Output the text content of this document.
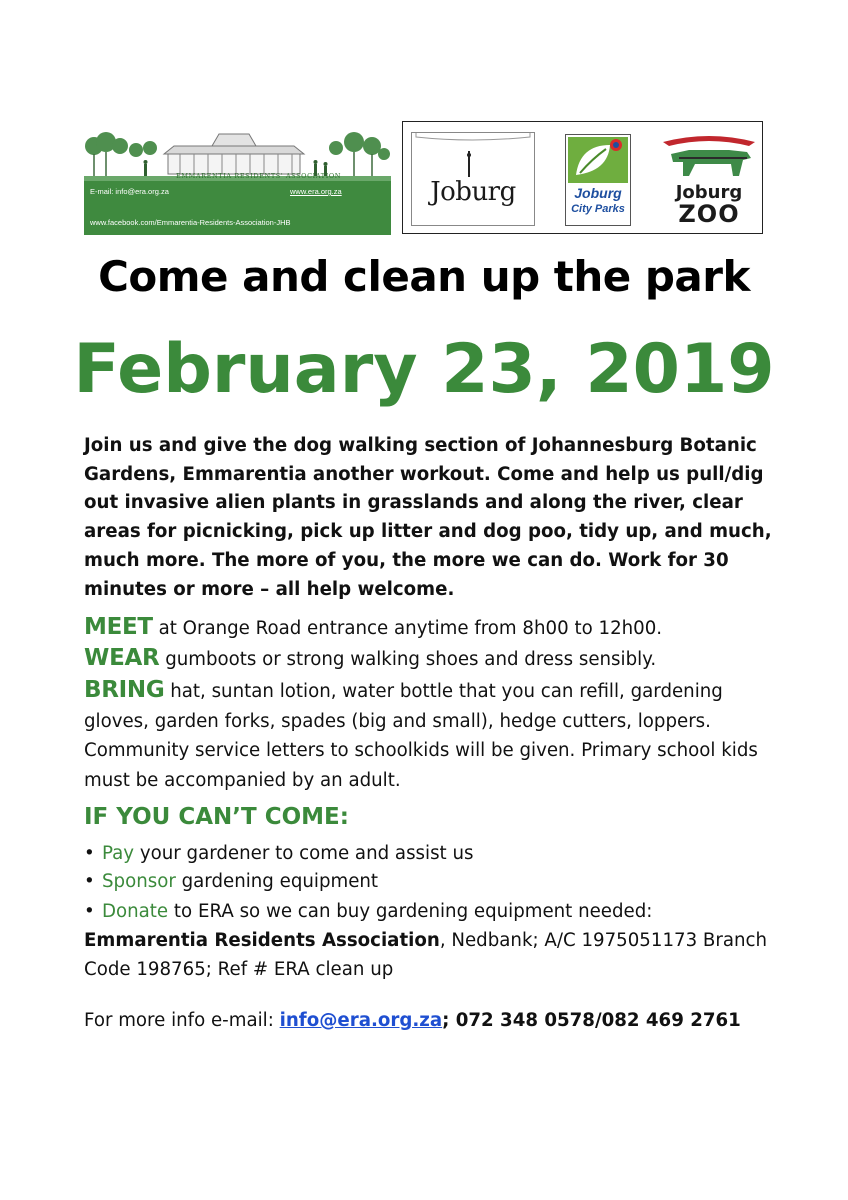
EMMARENTIA RESIDENTS' ASSOCIATION
E-mail: info@era.org.za	www.era.org.za
www.facebook.com/Emmarentia-Residents-Association-JHB
Joburg	Joburg
City Parks
Joburg
ZOO
Come and clean up the park
February 23, 2019
Join us and give the dog walking section of Johannesburg Botanic Gardens, Emmarentia another workout. Come and help us pull/dig out invasive alien plants in grasslands and along the river, clear areas for picnicking, pick up litter and dog poo, tidy up, and much, much more. The more of you, the more we can do. Work for 30 minutes or more – all help welcome.
MEET at Orange Road entrance anytime from 8h00 to 12h00.
WEAR gumboots or strong walking shoes and dress sensibly.
BRING hat, suntan lotion, water bottle that you can refill, gardening gloves, garden forks, spades (big and small), hedge cutters, loppers. Community service letters to schoolkids will be given. Primary school kids must be accompanied by an adult.
IF YOU CAN’T COME:
• Pay your gardener to come and assist us
• Sponsor gardening equipment
• Donate to ERA so we can buy gardening equipment needed:
Emmarentia Residents Association, Nedbank; A/C 1975051173 Branch Code 198765; Ref # ERA clean up
For more info e-mail: info@era.org.za; 072 348 0578/082 469 2761
